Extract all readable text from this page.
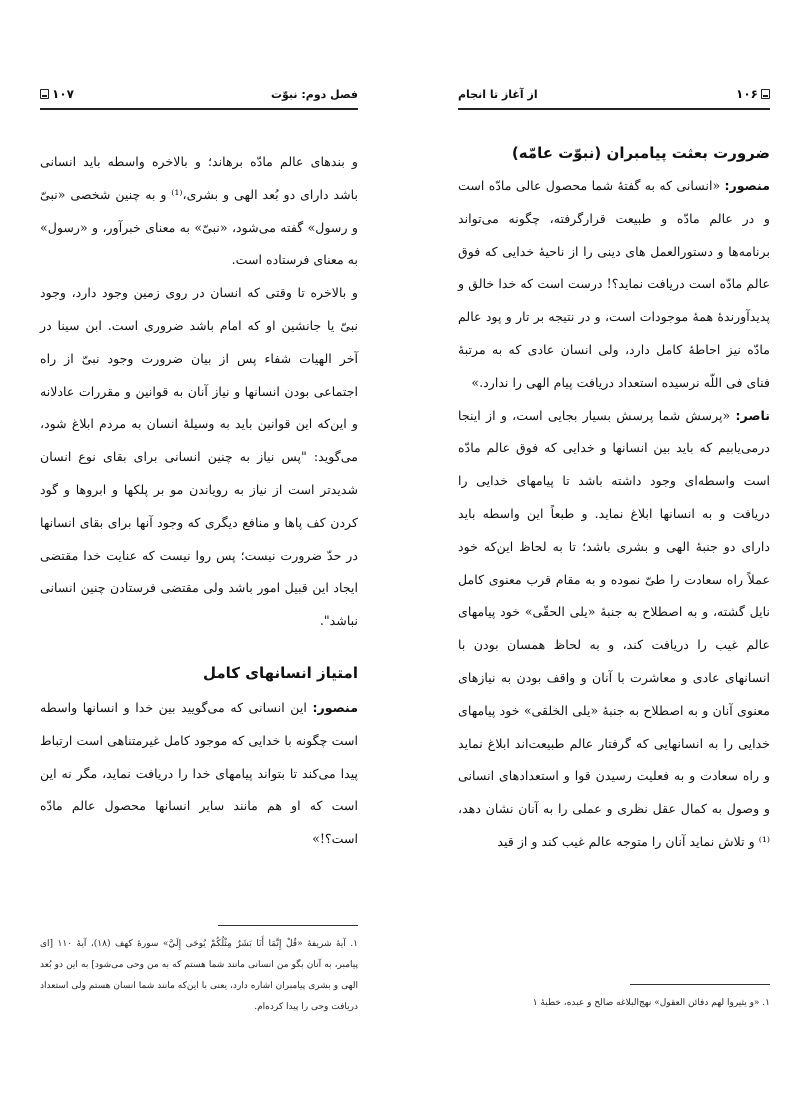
فصل دوم: نبوّت
۱۰۷

و بندهای عالم مادّه برهاند؛ و بالاخره واسطه باید انسانی باشد دارای دو بُعد الهی و بشری،⁽¹⁾ و به چنین شخصی «نبیّ و رسول» گفته می‌شود، «نبیّ» به معنای خبرآور، و «رسول» به معنای فرستاده است.

و بالاخره تا وقتی که انسان در روی زمین وجود دارد، وجود نبیّ یا جانشین او که امام باشد ضروری است. ابن سینا در آخر الهیات شفاء پس از بیان ضرورت وجود نبیّ از راه اجتماعی بودن انسانها و نیاز آنان به قوانین و مقررات عادلانه و این‌که این قوانین باید به وسیلهٔ انسان به مردم ابلاغ شود، می‌گوید: "پس نیاز به چنین انسانی برای بقای نوع انسان شدیدتر است از نیاز به رویاندن مو بر پلکها و ابروها و گود کردن کف پاها و منافع دیگری که وجود آنها برای بقای انسانها در حدّ ضرورت نیست؛ پس روا نیست که عنایت خدا مقتضی ایجاد این قبیل امور باشد ولی مقتضی فرستادن چنین انسانی نباشد".

امتیاز انسانهای کامل

منصور: این انسانی که می‌گویید بین خدا و انسانها واسطه است چگونه با خدایی که موجود کامل غیرمتناهی است ارتباط پیدا می‌کند تا بتواند پیامهای خدا را دریافت نماید، مگر نه این است که او هم مانند سایر انسانها محصول عالم مادّه است؟!»

۱. آیهٔ شریفهٔ «قُلْ إِنَّمَا أَنَا بَشَرٌ مِثْلُكُمْ يُوحَى إِلَيَّ» سورهٔ کهف (۱۸)، آیهٔ ۱۱۰ [ای پیامبر، به آنان بگو من انسانی مانند شما هستم که به من وحی می‌شود] به این دو بُعد الهی و بشری پیامبران اشاره دارد، یعنی با این‌که مانند شما انسان هستم ولی استعداد دریافت وحی را پیدا کرده‌ام.

۱۰۶
از آغاز تا انجام
ضرورت بعثت پیامبران (نبوّت عامّه)

منصور: «انسانی که به گفتهٔ شما محصول عالی مادّه است و در عالم مادّه و طبیعت قرارگرفته، چگونه می‌تواند برنامه‌ها و دستورالعمل های دینی را از ناحیهٔ خدایی که فوق عالم مادّه است دریافت نماید؟! درست است که خدا خالق و پدیدآورندهٔ همهٔ موجودات است، و در نتیجه بر تار و پود عالم مادّه نیز احاطهٔ کامل دارد، ولی انسان عادی که به مرتبهٔ فنای فی اللّه نرسیده استعداد دریافت پیام الهی را ندارد.»

ناصر: «پرسش شما پرسش بسیار بجایی است، و از اینجا درمی‌یابیم که باید بین انسانها و خدایی که فوق عالم مادّه است واسطه‌ای وجود داشته باشد تا پیامهای خدایی را دریافت و به انسانها ابلاغ نماید. و طبعاً این واسطه باید دارای دو جنبهٔ الهی و بشری باشد؛ تا به لحاظ این‌که خود عملاً راه سعادت را طیّ نموده و به مقام قرب معنوی کامل نایل گشته، و به اصطلاح به جنبهٔ «یلی الحقّی» خود پیامهای عالم غیب را دریافت کند، و به لحاظ همسان بودن با انسانهای عادی و معاشرت با آنان و واقف بودن به نیازهای معنوی آنان و به اصطلاح به جنبهٔ «یلی الخلقی» خود پیامهای خدایی را به انسانهایی که گرفتار عالم طبیعت‌اند ابلاغ نماید و راه سعادت و به فعلیت رسیدن قوا و استعدادهای انسانی و وصول به کمال عقل نظری و عملی را به آنان نشان دهد،⁽¹⁾ و تلاش نماید آنان را متوجه عالم غیب کند و از قید

۱. «و يثيروا لهم دفائن العقول» نهج‌البلاغه صالح و عبده، خطبهٔ ۱
